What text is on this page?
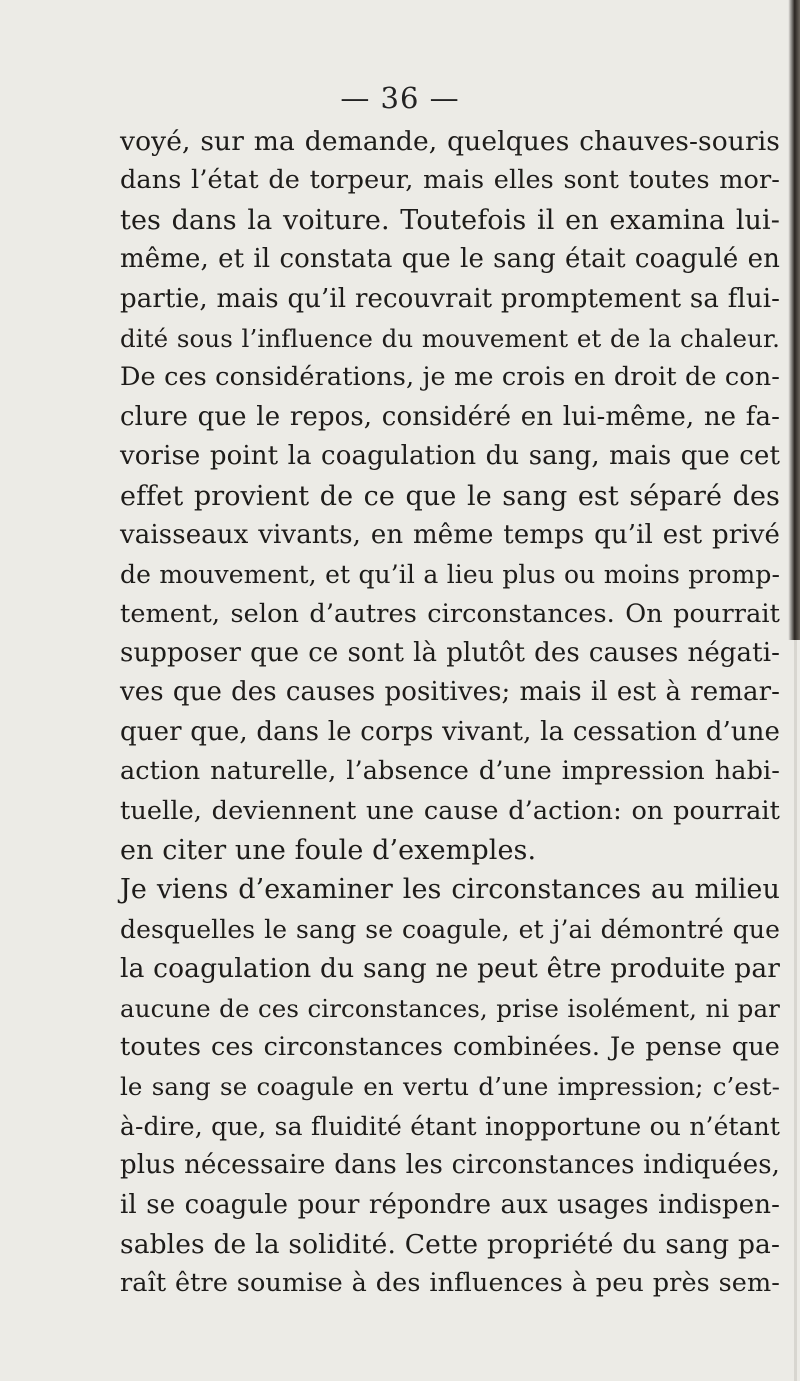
— 36 —
voyé, sur ma demande, quelques chauves-souris
dans l’état de torpeur, mais elles sont toutes mor-
tes dans la voiture. Toutefois il en examina lui-
même, et il constata que le sang était coagulé en
partie, mais qu’il recouvrait promptement sa flui-
dité sous l’influence du mouvement et de la chaleur.
De ces considérations, je me crois en droit de con-
clure que le repos, considéré en lui-même, ne fa-
vorise point la coagulation du sang, mais que cet
effet provient de ce que le sang est séparé des
vaisseaux vivants, en même temps qu’il est privé
de mouvement, et qu’il a lieu plus ou moins promp-
tement, selon d’autres circonstances. On pourrait
supposer que ce sont là plutôt des causes négati-
ves que des causes positives; mais il est à remar-
quer que, dans le corps vivant, la cessation d’une
action naturelle, l’absence d’une impression habi-
tuelle, deviennent une cause d’action: on pourrait
en citer une foule d’exemples.
Je viens d’examiner les circonstances au milieu
desquelles le sang se coagule, et j’ai démontré que
la coagulation du sang ne peut être produite par
aucune de ces circonstances, prise isolément, ni par
toutes ces circonstances combinées. Je pense que
le sang se coagule en vertu d’une impression; c’est-
à-dire, que, sa fluidité étant inopportune ou n’étant
plus nécessaire dans les circonstances indiquées,
il se coagule pour répondre aux usages indispen-
sables de la solidité. Cette propriété du sang pa-
raît être soumise à des influences à peu près sem-
